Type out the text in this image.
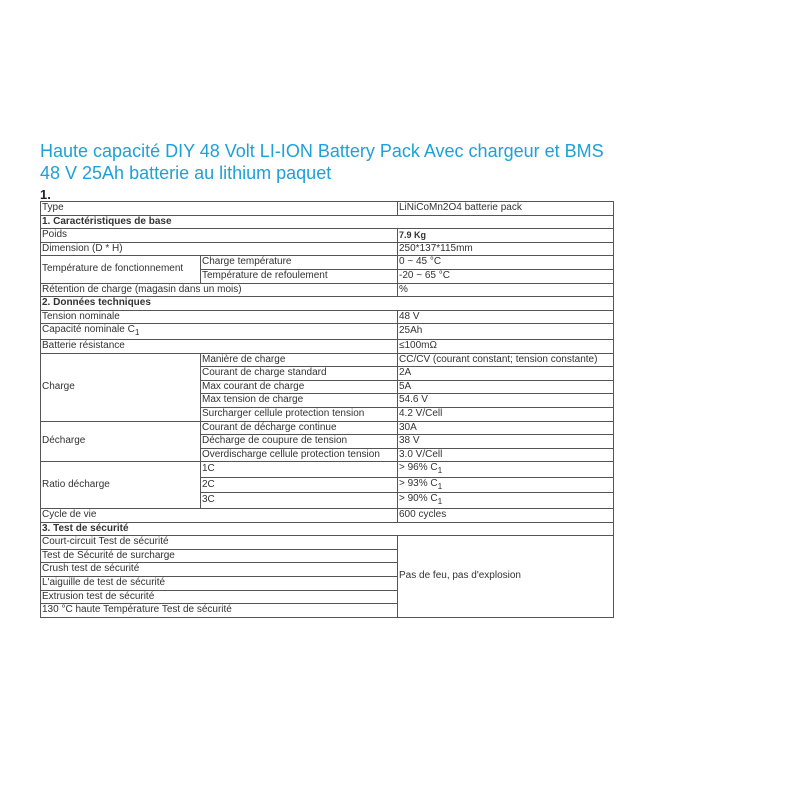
Haute capacité DIY 48 Volt LI-ION Battery Pack Avec chargeur et BMS 48 V 25Ah batterie au lithium paquet
1.
Type		LiNiCoMn2O4 batterie pack
1. Caractéristiques de base		
Poids		7.9 Kg
Dimension (D * H)		250*137*115mm
Température de fonctionnement	Charge température	0 ~ 45 °C
	Température de refoulement	-20 ~ 65 °C
Rétention de charge (magasin dans un mois)		%
2. Données techniques		
Tension nominale		48 V
Capacité nominale $C_1$		25Ah
Batterie résistance		≤100mΩ
Charge	Manière de charge	CC/CV (courant constant; tension constante)
	Courant de charge standard	2A
	Max courant de charge	5A
	Max tension de charge	54.6 V
	Surcharger cellule protection tension	4.2 V/Cell
Décharge	Courant de décharge continue	30A
	Décharge de coupure de tension	38 V
	Overdischarge cellule protection tension	3.0 V/Cell
Ratio décharge	1C	> 96% $C_1$
	2C	> 93% $C_1$
	3C	> 90% $C_1$
Cycle de vie		600 cycles
3. Test de sécurité		
Court-circuit Test de sécurité		Pas de feu, pas d'explosion
Test de Sécurité de surcharge		
Crush test de sécurité		
L'aiguille de test de sécurité		
Extrusion test de sécurité		
130 °C haute Température Test de sécurité		
